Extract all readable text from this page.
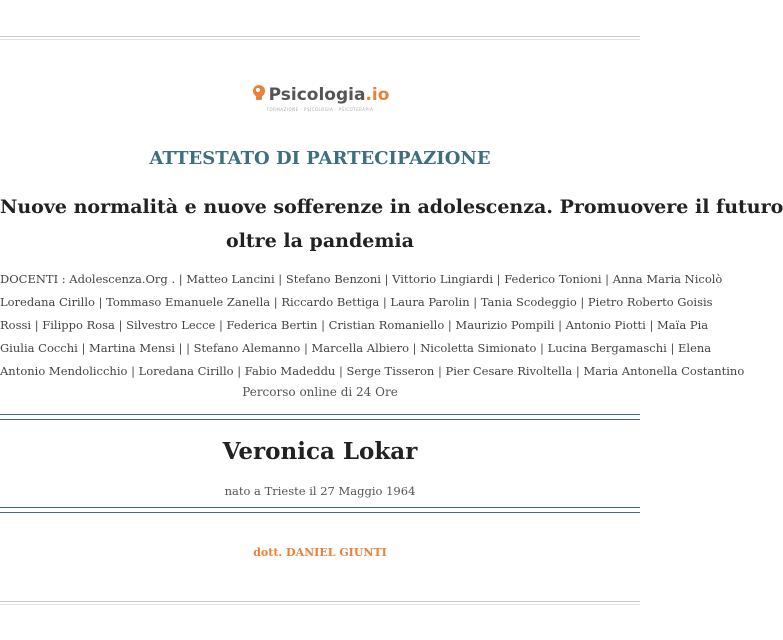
Psicologia.io
FORMAZIONE · PSICOLOGIA · PSICOTERAPIA
ATTESTATO DI PARTECIPAZIONE
Nuove normalità e nuove sofferenze in adolescenza. Promuovere il futuro
oltre la pandemia
DOCENTI : Adolescenza.Org . | Matteo Lancini | Stefano Benzoni | Vittorio Lingiardi | Federico Tonioni | Anna Maria Nicolò
Loredana Cirillo | Tommaso Emanuele Zanella | Riccardo Bettiga | Laura Parolin | Tania Scodeggio | Pietro Roberto Goisis
Rossi | Filippo Rosa | Silvestro Lecce | Federica Bertin | Cristian Romaniello | Maurizio Pompili | Antonio Piotti | Maïa Pia
Giulia Cocchi | Martina Mensi | | Stefano Alemanno | Marcella Albiero | Nicoletta Simionato | Lucina Bergamaschi | Elena
Antonio Mendolicchio | Loredana Cirillo | Fabio Madeddu | Serge Tisseron | Pier Cesare Rivoltella | Maria Antonella Costantino
Percorso online di 24 Ore
Veronica Lokar
nato a Trieste il 27 Maggio 1964
dott. DANIEL GIUNTI
